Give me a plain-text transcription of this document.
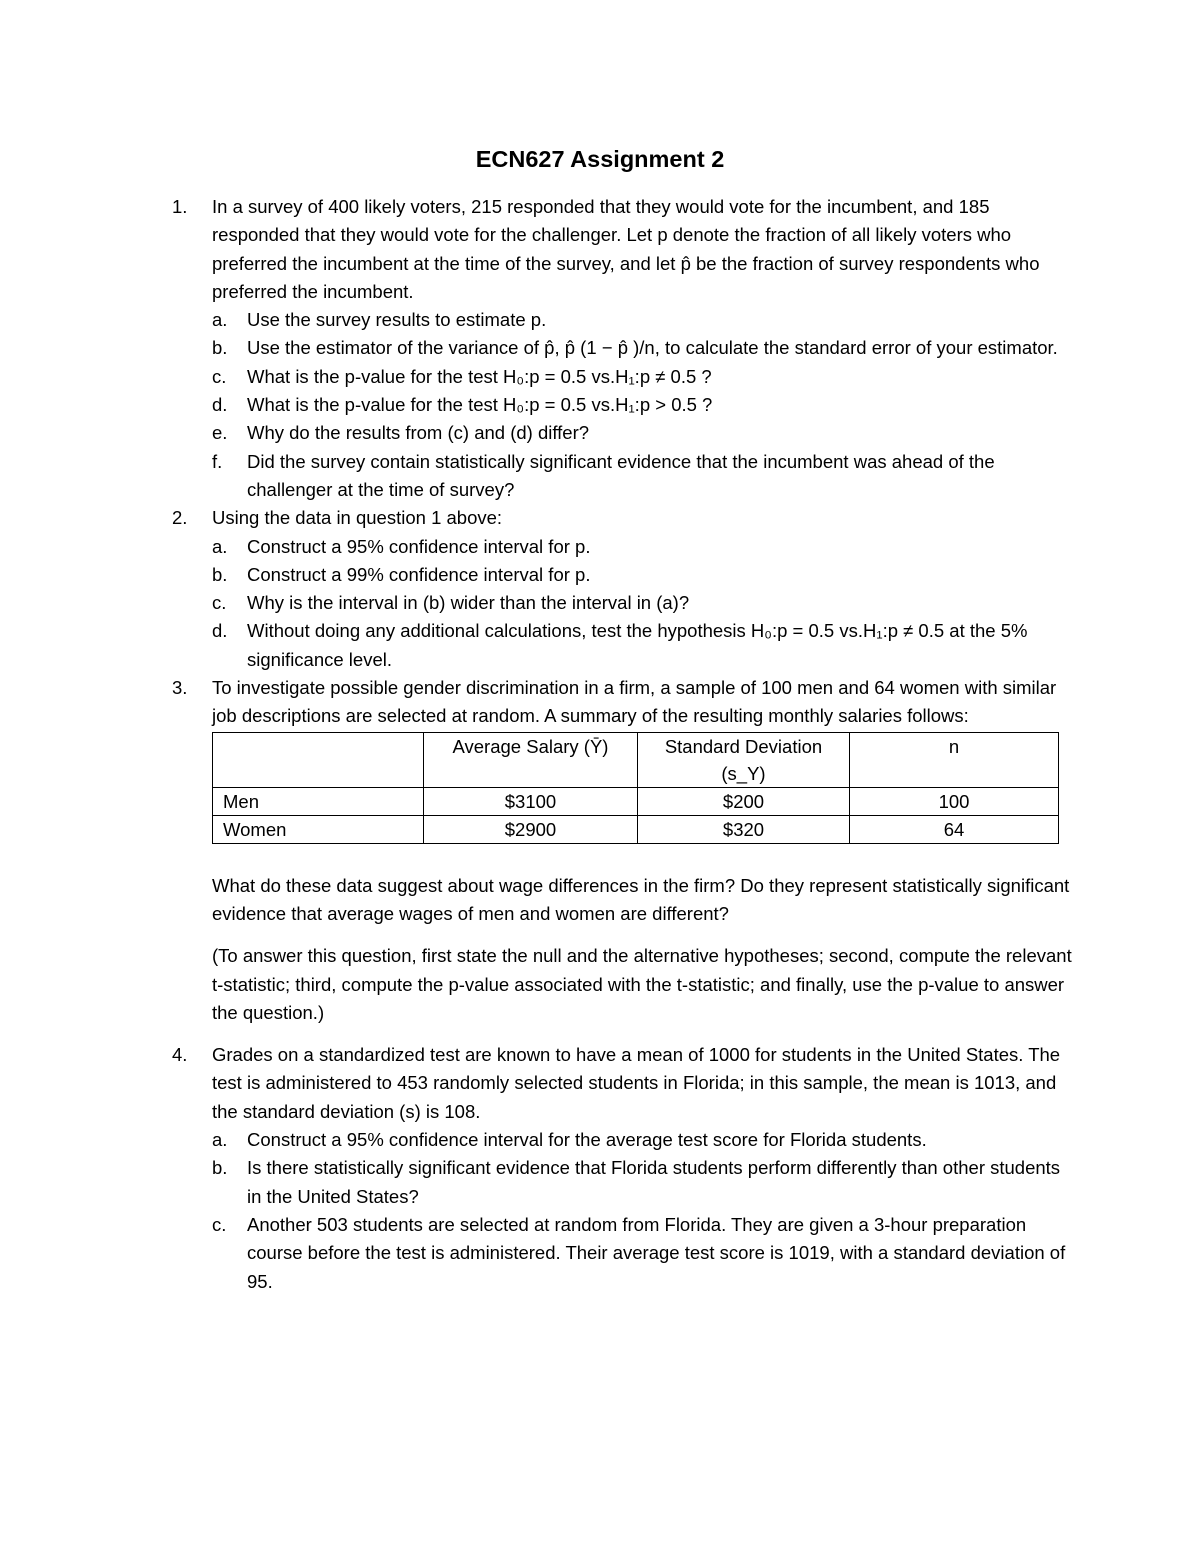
ECN627 Assignment 2
1.	In a survey of 400 likely voters, 215 responded that they would vote for the incumbent, and 185 responded that they would vote for the challenger. Let p denote the fraction of all likely voters who preferred the incumbent at the time of the survey, and let p̂ be the fraction of survey respondents who preferred the incumbent.
a.	Use the survey results to estimate p.
b.	Use the estimator of the variance of p̂, p̂ (1 − p̂ )/n, to calculate the standard error of your estimator.
c.	What is the p-value for the test H₀:p = 0.5 vs.H₁:p ≠ 0.5 ?
d.	What is the p-value for the test H₀:p = 0.5 vs.H₁:p > 0.5 ?
e.	Why do the results from (c) and (d) differ?
f.	Did the survey contain statistically significant evidence that the incumbent was ahead of the challenger at the time of survey?
2.	Using the data in question 1 above:
a.	Construct a 95% confidence interval for p.
b.	Construct a 99% confidence interval for p.
c.	Why is the interval in (b) wider than the interval in (a)?
d.	Without doing any additional calculations, test the hypothesis H₀:p = 0.5 vs.H₁:p ≠ 0.5 at the 5% significance level.
3.	To investigate possible gender discrimination in a firm, a sample of 100 men and 64 women with similar job descriptions are selected at random. A summary of the resulting monthly salaries follows:
	Average Salary (Ȳ)	Standard Deviation (s_Y)	n
Men	$3100	$200	100
Women	$2900	$320	64
What do these data suggest about wage differences in the firm? Do they represent statistically significant evidence that average wages of men and women are different?
(To answer this question, first state the null and the alternative hypotheses; second, compute the relevant t-statistic; third, compute the p-value associated with the t-statistic; and finally, use the p-value to answer the question.)
4.	Grades on a standardized test are known to have a mean of 1000 for students in the United States. The test is administered to 453 randomly selected students in Florida; in this sample, the mean is 1013, and the standard deviation (s) is 108.
a.	Construct a 95% confidence interval for the average test score for Florida students.
b.	Is there statistically significant evidence that Florida students perform differently than other students in the United States?
c.	Another 503 students are selected at random from Florida. They are given a 3-hour preparation course before the test is administered. Their average test score is 1019, with a standard deviation of 95.
